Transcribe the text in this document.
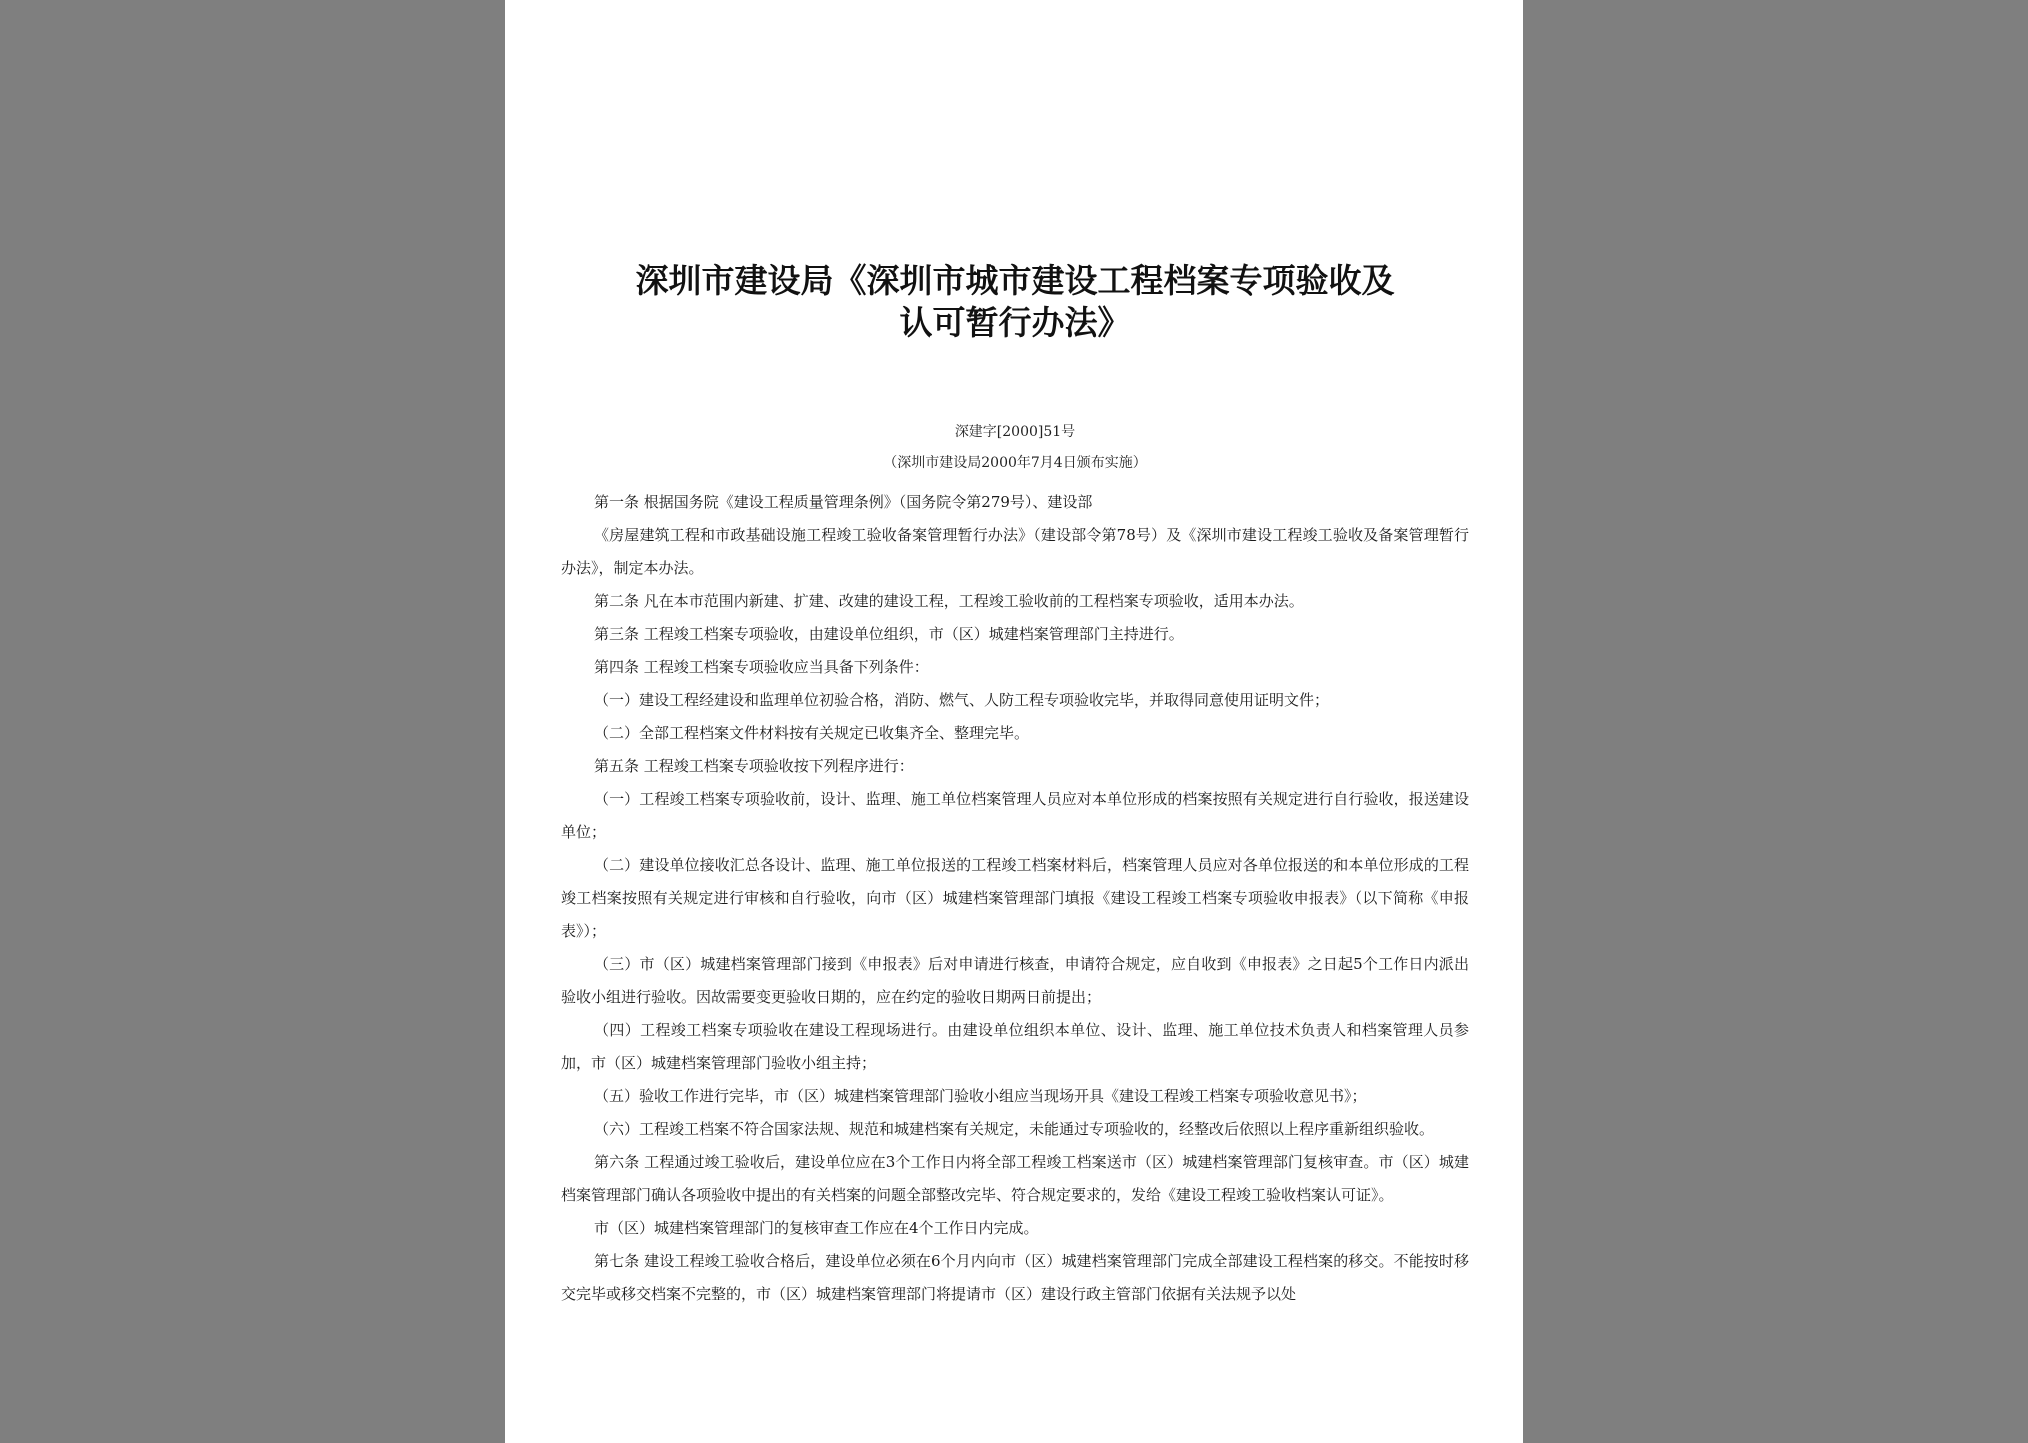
深圳市建设局《深圳市城市建设工程档案专项验收及
认可暂行办法》
深建字[2000]51号
（深圳市建设局2000年7月4日颁布实施）

第一条 根据国务院《建设工程质量管理条例》（国务院令第279号）、建设部

《房屋建筑工程和市政基础设施工程竣工验收备案管理暂行办法》（建设部令第78号）及《深圳市建设工程竣工验收及备案管理暂行办法》，制定本办法。

第二条 凡在本市范围内新建、扩建、改建的建设工程，工程竣工验收前的工程档案专项验收，适用本办法。

第三条 工程竣工档案专项验收，由建设单位组织，市（区）城建档案管理部门主持进行。

第四条 工程竣工档案专项验收应当具备下列条件：

（一）建设工程经建设和监理单位初验合格，消防、燃气、人防工程专项验收完毕，并取得同意使用证明文件；

（二）全部工程档案文件材料按有关规定已收集齐全、整理完毕。

第五条 工程竣工档案专项验收按下列程序进行：

（一）工程竣工档案专项验收前，设计、监理、施工单位档案管理人员应对本单位形成的档案按照有关规定进行自行验收，报送建设单位；

（二）建设单位接收汇总各设计、监理、施工单位报送的工程竣工档案材料后，档案管理人员应对各单位报送的和本单位形成的工程竣工档案按照有关规定进行审核和自行验收，向市（区）城建档案管理部门填报《建设工程竣工档案专项验收申报表》（以下简称《申报表》）；

（三）市（区）城建档案管理部门接到《申报表》后对申请进行核查，申请符合规定，应自收到《申报表》之日起5个工作日内派出验收小组进行验收。因故需要变更验收日期的，应在约定的验收日期两日前提出；

（四）工程竣工档案专项验收在建设工程现场进行。由建设单位组织本单位、设计、监理、施工单位技术负责人和档案管理人员参加，市（区）城建档案管理部门验收小组主持；

（五）验收工作进行完毕，市（区）城建档案管理部门验收小组应当现场开具《建设工程竣工档案专项验收意见书》；

（六）工程竣工档案不符合国家法规、规范和城建档案有关规定，未能通过专项验收的，经整改后依照以上程序重新组织验收。

第六条 工程通过竣工验收后，建设单位应在3个工作日内将全部工程竣工档案送市（区）城建档案管理部门复核审查。市（区）城建档案管理部门确认各项验收中提出的有关档案的问题全部整改完毕、符合规定要求的，发给《建设工程竣工验收档案认可证》。

市（区）城建档案管理部门的复核审查工作应在4个工作日内完成。

第七条 建设工程竣工验收合格后，建设单位必须在6个月内向市（区）城建档案管理部门完成全部建设工程档案的移交。不能按时移交完毕或移交档案不完整的，市（区）城建档案管理部门将提请市（区）建设行政主管部门依据有关法规予以处
